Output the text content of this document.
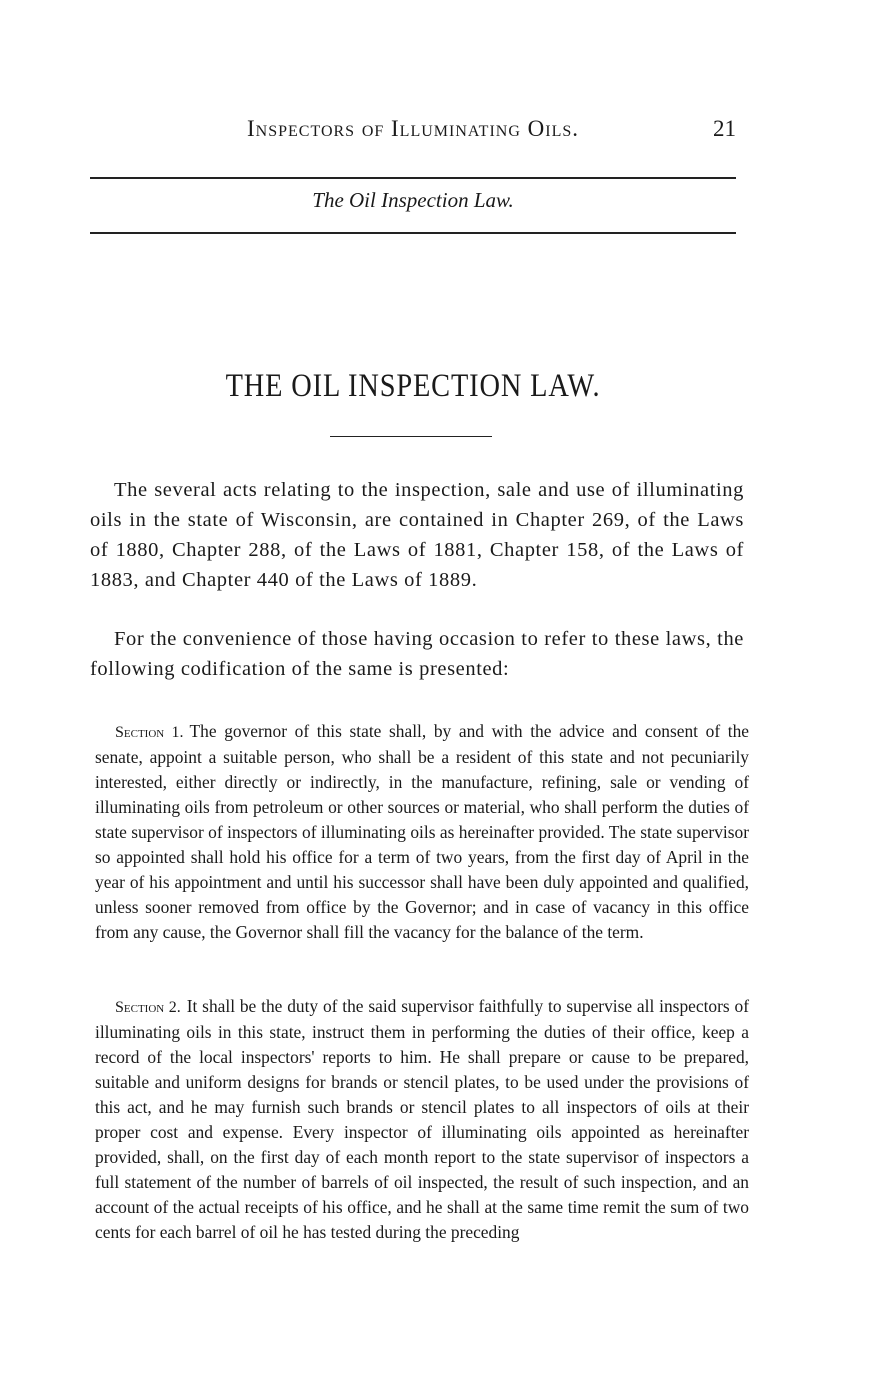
Inspectors of Illuminating Oils.	21
The Oil Inspection Law.
THE OIL INSPECTION LAW.

The several acts relating to the inspection, sale and use of illuminating oils in the state of Wisconsin, are contained in Chapter 269, of the Laws of 1880, Chapter 288, of the Laws of 1881, Chapter 158, of the Laws of 1883, and Chapter 440 of the Laws of 1889.

For the convenience of those having occasion to refer to these laws, the following codification of the same is presented:

Section 1. The governor of this state shall, by and with the advice and consent of the senate, appoint a suitable person, who shall be a resident of this state and not pecuniarily interested, either directly or indirectly, in the manufacture, refining, sale or vending of illuminating oils from petroleum or other sources or material, who shall perform the duties of state supervisor of inspectors of illuminating oils as hereinafter provided. The state supervisor so appointed shall hold his office for a term of two years, from the first day of April in the year of his appointment and until his successor shall have been duly appointed and qualified, unless sooner removed from office by the Governor; and in case of vacancy in this office from any cause, the Governor shall fill the vacancy for the balance of the term.

Section 2. It shall be the duty of the said supervisor faithfully to supervise all inspectors of illuminating oils in this state, instruct them in performing the duties of their office, keep a record of the local inspectors' reports to him. He shall prepare or cause to be prepared, suitable and uniform designs for brands or stencil plates, to be used under the provisions of this act, and he may furnish such brands or stencil plates to all inspectors of oils at their proper cost and expense. Every inspector of illuminating oils appointed as hereinafter provided, shall, on the first day of each month report to the state supervisor of inspectors a full statement of the number of barrels of oil inspected, the result of such inspection, and an account of the actual receipts of his office, and he shall at the same time remit the sum of two cents for each barrel of oil he has tested during the preceding
